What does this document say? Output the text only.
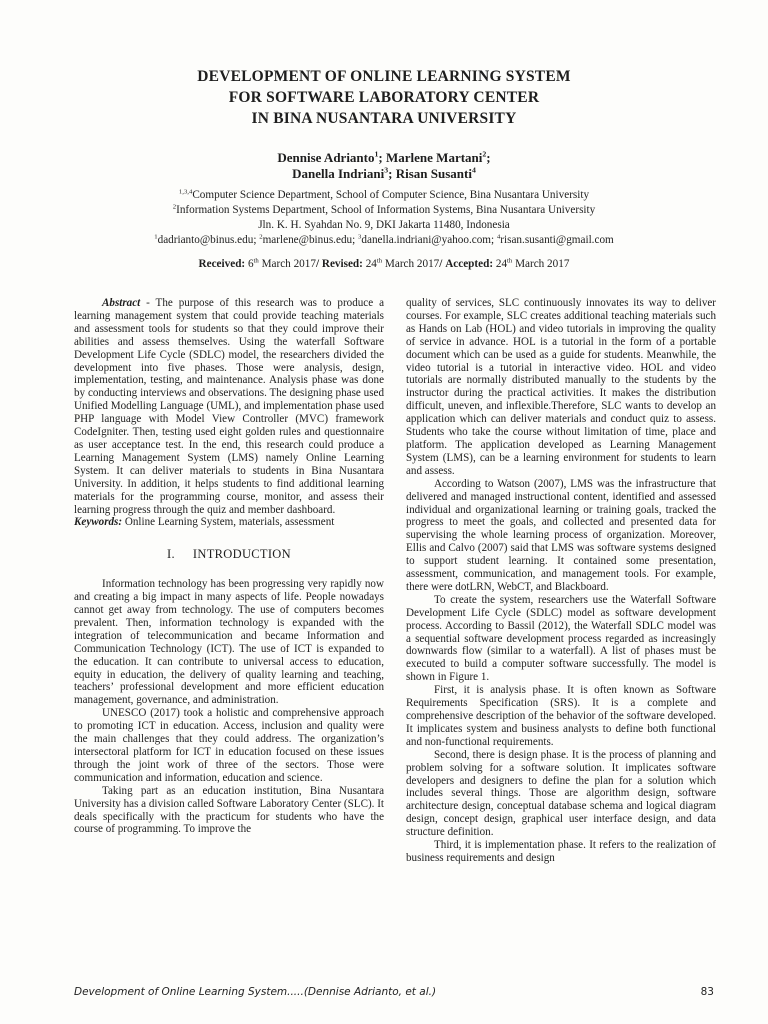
DEVELOPMENT OF ONLINE LEARNING SYSTEM
FOR SOFTWARE LABORATORY CENTER
IN BINA NUSANTARA UNIVERSITY
Dennise Adrianto$^1$; Marlene Martani$^2$;
Danella Indriani$^3$; Risan Susanti$^4$
$^{1,3,4}$Computer Science Department, School of Computer Science, Bina Nusantara University
$^2$Information Systems Department, School of Information Systems, Bina Nusantara University
Jln. K. H. Syahdan No. 9, DKI Jakarta 11480, Indonesia
$^1$dadrianto@binus.edu; $^2$marlene@binus.edu; $^3$danella.indriani@yahoo.com; $^4$risan.susanti@gmail.com
Received: 6th March 2017/ Revised: 24th March 2017/ Accepted: 24th March 2017

Abstract - The purpose of this research was to produce a learning management system that could provide teaching materials and assessment tools for students so that they could improve their abilities and assess themselves. Using the waterfall Software Development Life Cycle (SDLC) model, the researchers divided the development into five phases. Those were analysis, design, implementation, testing, and maintenance. Analysis phase was done by conducting interviews and observations. The designing phase used Unified Modelling Language (UML), and implementation phase used PHP language with Model View Controller (MVC) framework CodeIgniter. Then, testing used eight golden rules and questionnaire as user acceptance test. In the end, this research could produce a Learning Management System (LMS) namely Online Learning System. It can deliver materials to students in Bina Nusantara University. In addition, it helps students to find additional learning materials for the programming course, monitor, and assess their learning progress through the quiz and member dashboard.

Keywords: Online Learning System, materials, assessment

I. INTRODUCTION

Information technology has been progressing very rapidly now and creating a big impact in many aspects of life. People nowadays cannot get away from technology. The use of computers becomes prevalent. Then, information technology is expanded with the integration of telecommunication and became Information and Communication Technology (ICT). The use of ICT is expanded to the education. It can contribute to universal access to education, equity in education, the delivery of quality learning and teaching, teachers’ professional development and more efficient education management, governance, and administration.

UNESCO (2017) took a holistic and comprehensive approach to promoting ICT in education. Access, inclusion and quality were the main challenges that they could address. The organization’s intersectoral platform for ICT in education focused on these issues through the joint work of three of the sectors. Those were communication and information, education and science.

Taking part as an education institution, Bina Nusantara University has a division called Software Laboratory Center (SLC). It deals specifically with the practicum for students who have the course of programming. To improve the

quality of services, SLC continuously innovates its way to deliver courses. For example, SLC creates additional teaching materials such as Hands on Lab (HOL) and video tutorials in improving the quality of service in advance. HOL is a tutorial in the form of a portable document which can be used as a guide for students. Meanwhile, the video tutorial is a tutorial in interactive video. HOL and video tutorials are normally distributed manually to the students by the instructor during the practical activities. It makes the distribution difficult, uneven, and inflexible.Therefore, SLC wants to develop an application which can deliver materials and conduct quiz to assess. Students who take the course without limitation of time, place and platform. The application developed as Learning Management System (LMS), can be a learning environment for students to learn and assess.

According to Watson (2007), LMS was the infrastructure that delivered and managed instructional content, identified and assessed individual and organizational learning or training goals, tracked the progress to meet the goals, and collected and presented data for supervising the whole learning process of organization. Moreover, Ellis and Calvo (2007) said that LMS was software systems designed to support student learning. It contained some presentation, assessment, communication, and management tools. For example, there were dotLRN, WebCT, and Blackboard.

To create the system, researchers use the Waterfall Software Development Life Cycle (SDLC) model as software development process. According to Bassil (2012), the Waterfall SDLC model was a sequential software development process regarded as increasingly downwards flow (similar to a waterfall). A list of phases must be executed to build a computer software successfully. The model is shown in Figure 1.

First, it is analysis phase. It is often known as Software Requirements Specification (SRS). It is a complete and comprehensive description of the behavior of the software developed. It implicates system and business analysts to define both functional and non-functional requirements.

Second, there is design phase. It is the process of planning and problem solving for a software solution. It implicates software developers and designers to define the plan for a solution which includes several things. Those are algorithm design, software architecture design, conceptual database schema and logical diagram design, concept design, graphical user interface design, and data structure definition.

Third, it is implementation phase. It refers to the realization of business requirements and design

Development of Online Learning System.....(Dennise Adrianto, et al.)	83
